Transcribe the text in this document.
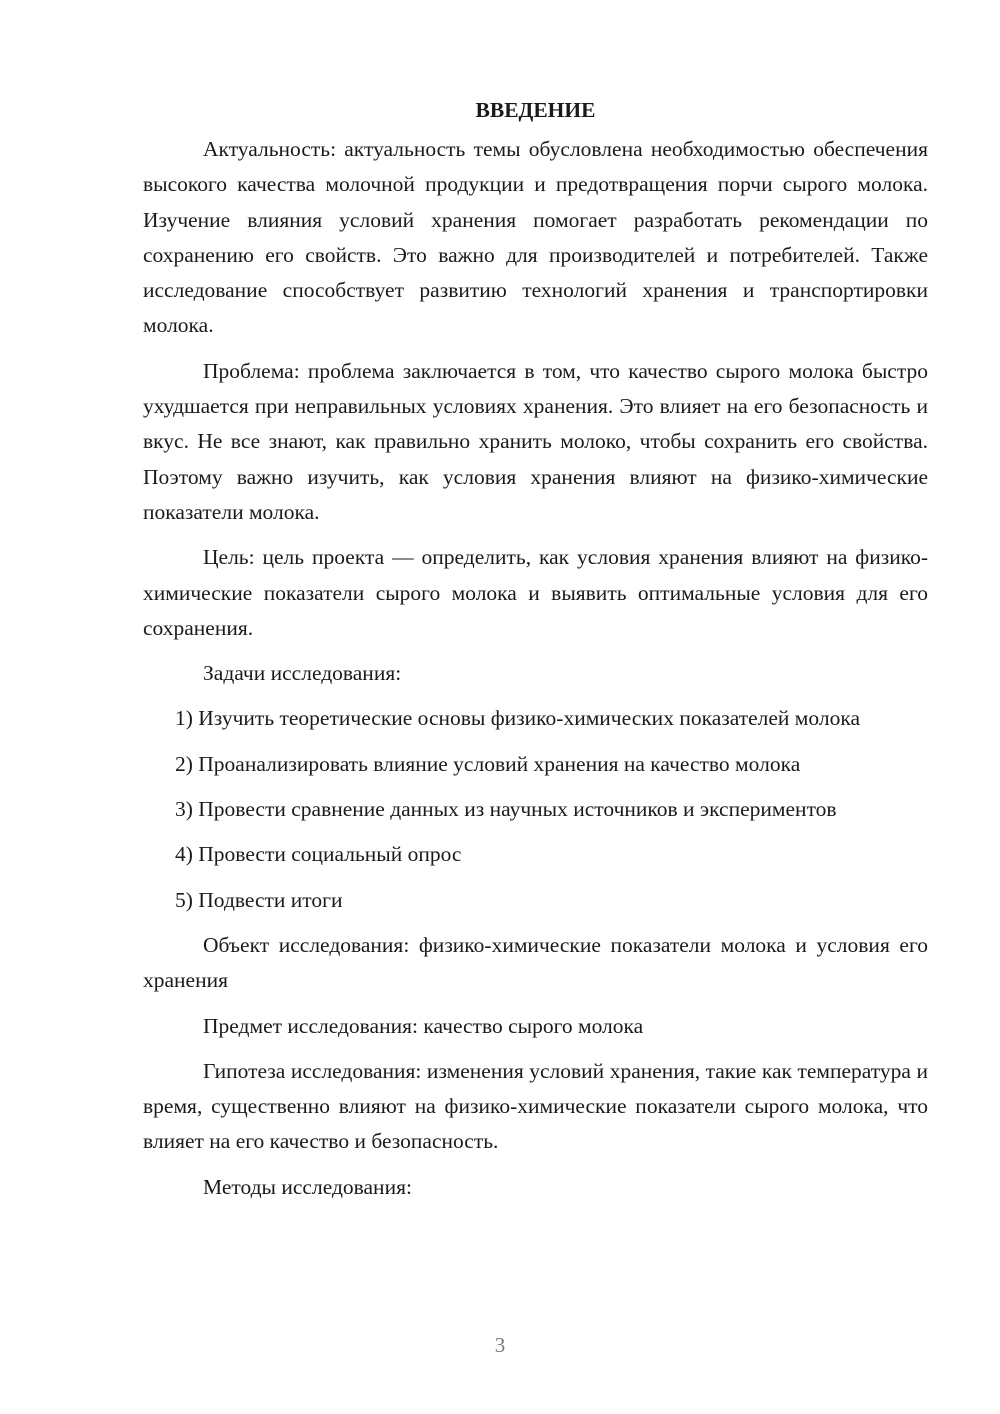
ВВЕДЕНИЕ

Актуальность: актуальность темы обусловлена необходимостью обеспечения высокого качества молочной продукции и предотвращения порчи сырого молока. Изучение влияния условий хранения помогает разработать рекомендации по сохранению его свойств. Это важно для производителей и потребителей. Также исследование способствует развитию технологий хранения и транспортировки молока.

Проблема: проблема заключается в том, что качество сырого молока быстро ухудшается при неправильных условиях хранения. Это влияет на его безопасность и вкус. Не все знают, как правильно хранить молоко, чтобы сохранить его свойства. Поэтому важно изучить, как условия хранения влияют на физико-химические показатели молока.

Цель: цель проекта — определить, как условия хранения влияют на физико-химические показатели сырого молока и выявить оптимальные условия для его сохранения.

Задачи исследования:

1) Изучить теоретические основы физико-химических показателей молока

2) Проанализировать влияние условий хранения на качество молока

3) Провести сравнение данных из научных источников и экспериментов

4) Провести социальный опрос

5) Подвести итоги

Объект исследования: физико-химические показатели молока и условия его хранения

Предмет исследования: качество сырого молока

Гипотеза исследования: изменения условий хранения, такие как температура и время, существенно влияют на физико-химические показатели сырого молока, что влияет на его качество и безопасность.

Методы исследования:

3
